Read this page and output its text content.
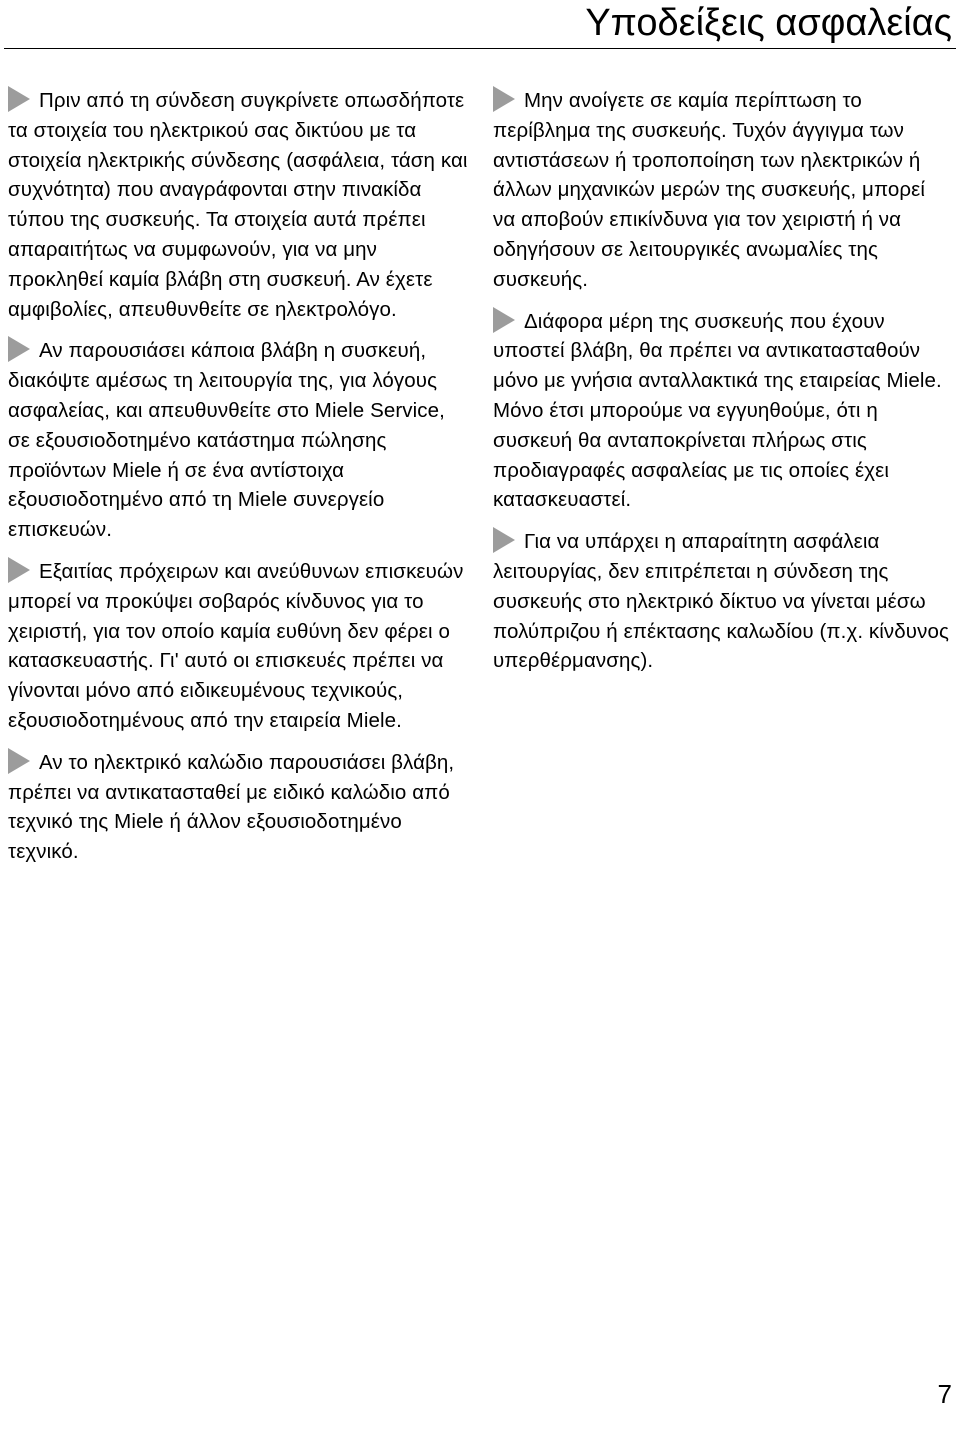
Υποδείξεις ασφαλείας

Πριν από τη σύνδεση συγκρίνετε οπωσδήποτε τα στοιχεία του ηλεκτρικού σας δικτύου με τα στοιχεία ηλεκτρικής σύνδεσης (ασφάλεια, τάση και συχνότητα) που αναγράφονται στην πινακίδα τύπου της συσκευής. Τα στοιχεία αυτά πρέπει απαραιτήτως να συμφωνούν, για να μην προκληθεί καμία βλάβη στη συσκευή. Αν έχετε αμφιβολίες, απευθυνθείτε σε ηλεκτρολόγο.

Αν παρουσιάσει κάποια βλάβη η συσκευή, διακόψτε αμέσως τη λειτουργία της, για λόγους ασφαλείας, και απευθυνθείτε στο Miele Service, σε εξουσιοδοτημένο κατάστημα πώλησης προϊόντων Miele ή σε ένα αντίστοιχα εξουσιοδοτημένο από τη Miele συνεργείο επισκευών.

Εξαιτίας πρόχειρων και ανεύθυνων επισκευών μπορεί να προκύψει σοβαρός κίνδυνος για το χειριστή, για τον οποίο καμία ευθύνη δεν φέρει ο κατασκευαστής. Γι' αυτό οι επισκευές πρέπει να γίνονται μόνο από ειδικευμένους τεχνικούς, εξουσιοδοτημένους από την εταιρεία Miele.

Αν το ηλεκτρικό καλώδιο παρουσιάσει βλάβη, πρέπει να αντικατασταθεί με ειδικό καλώδιο από τεχνικό της Miele ή άλλον εξουσιοδοτημένο τεχνικό.

Μην ανοίγετε σε καμία περίπτωση το περίβλημα της συσκευής. Τυχόν άγγιγμα των αντιστάσεων ή τροποποίηση των ηλεκτρικών ή άλλων μηχανικών μερών της συσκευής, μπορεί να αποβούν επικίνδυνα για τον χειριστή ή να οδηγήσουν σε λειτουργικές ανωμαλίες της συσκευής.

Διάφορα μέρη της συσκευής που έχουν υποστεί βλάβη, θα πρέπει να αντικατασταθούν μόνο με γνήσια ανταλλακτικά της εταιρείας Miele. Μόνο έτσι μπορούμε να εγγυηθούμε, ότι η συσκευή θα ανταποκρίνεται πλήρως στις προδιαγραφές ασφαλείας με τις οποίες έχει κατασκευαστεί.

Για να υπάρχει η απαραίτητη ασφάλεια λειτουργίας, δεν επιτρέπεται η σύνδεση της συσκευής στο ηλεκτρικό δίκτυο να γίνεται μέσω πολύπριζου ή επέκτασης καλωδίου (π.χ. κίνδυνος υπερθέρμανσης).

7
